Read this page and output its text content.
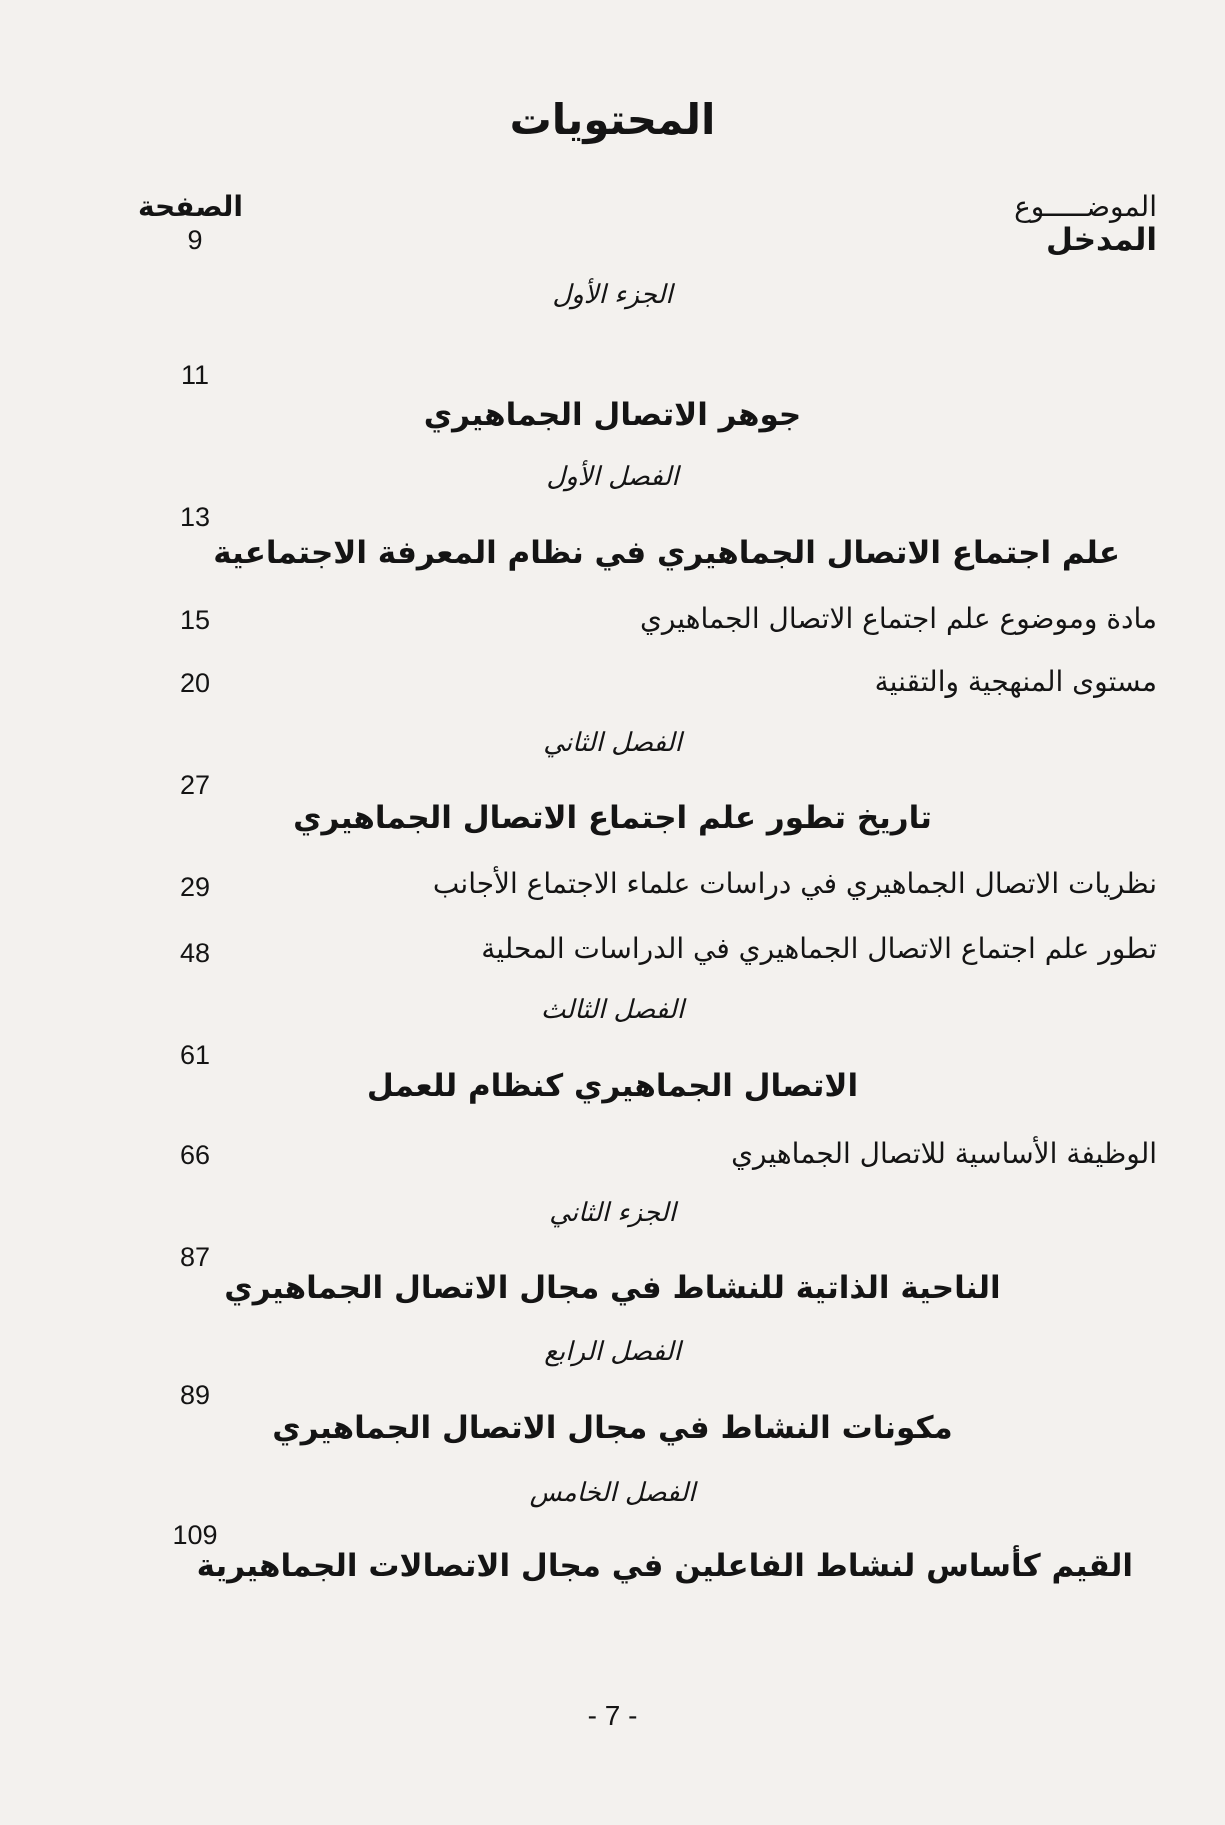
المحتويات
الموضـــــوع
الصفحة
المدخل
9
الجزء الأول
11
جوهر الاتصال الجماهيري
الفصل الأول
13
علم اجتماع الاتصال الجماهيري في نظام المعرفة الاجتماعية
مادة وموضوع علم اجتماع الاتصال الجماهيري
15
مستوى المنهجية والتقنية
20
الفصل الثاني
27
تاريخ تطور علم اجتماع الاتصال الجماهيري
نظريات الاتصال الجماهيري في دراسات علماء الاجتماع الأجانب
29
تطور علم اجتماع الاتصال الجماهيري في الدراسات المحلية
48
الفصل الثالث
61
الاتصال الجماهيري كنظام للعمل
الوظيفة الأساسية للاتصال الجماهيري
66
الجزء الثاني
87
الناحية الذاتية للنشاط في مجال الاتصال الجماهيري
الفصل الرابع
89
مكونات النشاط في مجال الاتصال الجماهيري
الفصل الخامس
109
القيم كأساس لنشاط الفاعلين في مجال الاتصالات الجماهيرية
- 7 -
